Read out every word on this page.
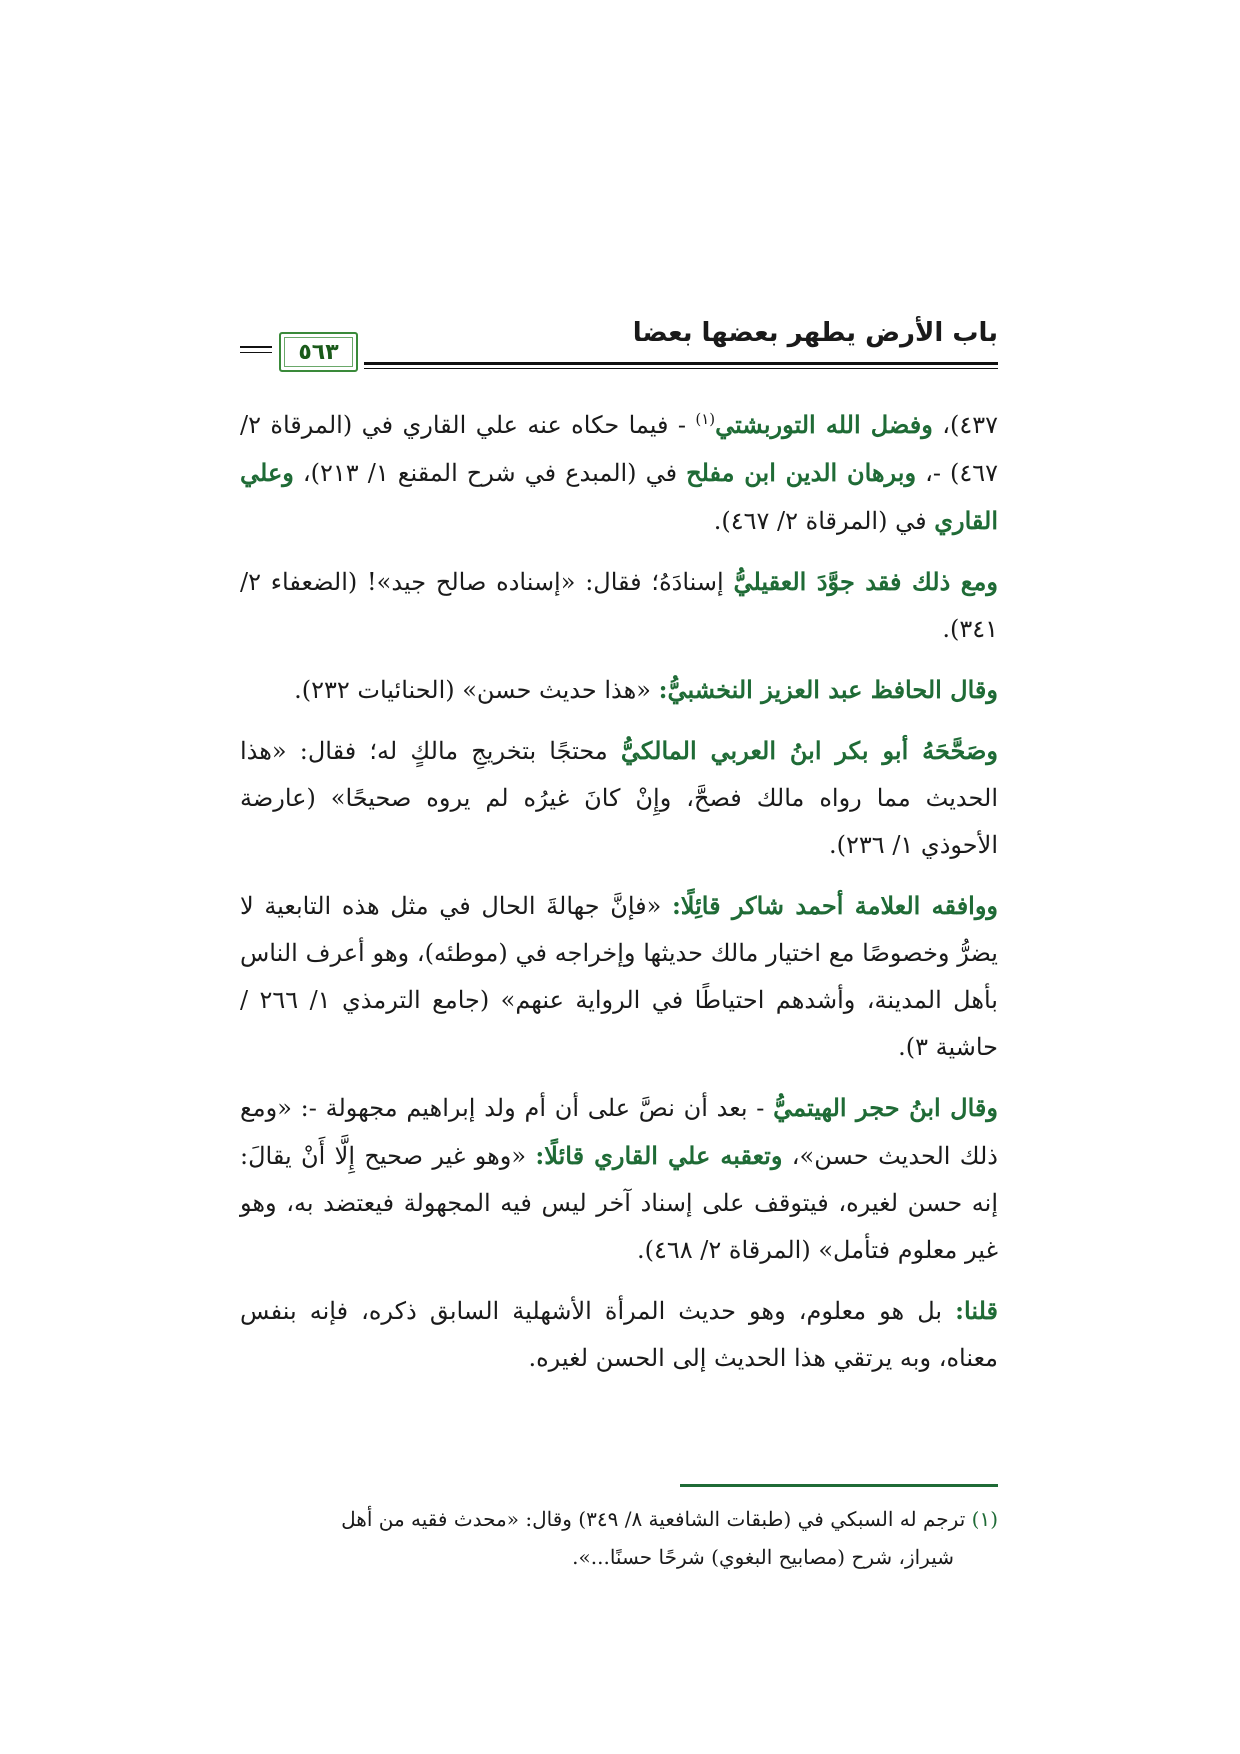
باب الأرض يطهر بعضها بعضا
٥٦٣

٤٣٧)، وفضل الله التوربشتي$^{(١)}$ - فيما حكاه عنه علي القاري في (المرقاة ٢/ ٤٦٧) -، وبرهان الدين ابن مفلح في (المبدع في شرح المقنع ١/ ٢١٣)، وعلي القاري في (المرقاة ٢/ ٤٦٧).

ومع ذلك فقد جوَّدَ العقيليُّ إسنادَهُ؛ فقال: «إسناده صالح جيد»! (الضعفاء ٢/ ٣٤١).

وقال الحافظ عبد العزيز النخشبيُّ: «هذا حديث حسن» (الحنائيات ٢٣٢).

وصَحَّحَهُ أبو بكر ابنُ العربي المالكيُّ محتجًا بتخريجِ مالكٍ له؛ فقال: «هذا الحديث مما رواه مالك فصحَّ، وإِنْ كانَ غيرُه لم يروه صحيحًا» (عارضة الأحوذي ١/ ٢٣٦).

ووافقه العلامة أحمد شاكر قائِلًا: «فإنَّ جهالةَ الحال في مثل هذه التابعية لا يضرُّ وخصوصًا مع اختيار مالك حديثها وإخراجه في (موطئه)، وهو أعرف الناس بأهل المدينة، وأشدهم احتياطًا في الرواية عنهم» (جامع الترمذي ١/ ٢٦٦ / حاشية ٣).

وقال ابنُ حجر الهيتميُّ - بعد أن نصَّ على أن أم ولد إبراهيم مجهولة -: «ومع ذلك الحديث حسن»، وتعقبه علي القاري قائلًا: «وهو غير صحيح إِلَّا أَنْ يقالَ: إنه حسن لغيره، فيتوقف على إسناد آخر ليس فيه المجهولة فيعتضد به، وهو غير معلوم فتأمل» (المرقاة ٢/ ٤٦٨).

قلنا: بل هو معلوم، وهو حديث المرأة الأشهلية السابق ذكره، فإنه بنفس معناه، وبه يرتقي هذا الحديث إلى الحسن لغيره.

(١) ترجم له السبكي في (طبقات الشافعية ٨/ ٣٤٩) وقال: «محدث فقيه من أهل
شيراز، شرح (مصابيح البغوي) شرحًا حسنًا...».
